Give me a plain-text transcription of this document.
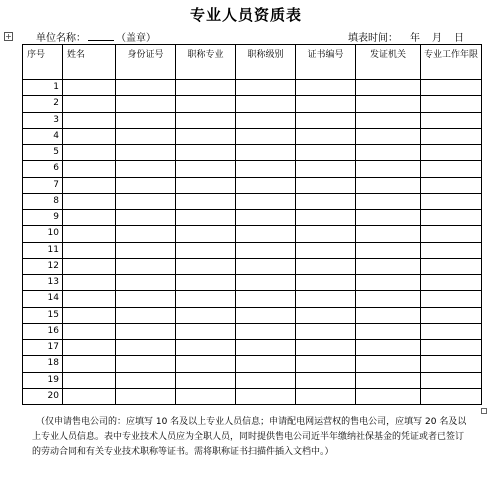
专业人员资质表
单位名称：	（盖章）	填表时间： 年 月 日
+
序号	姓名	身份证号	职称专业	职称级别	证书编号	发证机关	专业工作年限
1							
2							
3							
4							
5							
6							
7							
8							
9							
10							
11							
12							
13							
14							
15							
16							
17							
18							
19							
20							
（仅申请售电公司的：应填写 10 名及以上专业人员信息；申请配电网运营权的售电公司，应填写 20 名及以上专业人员信息。表中专业技术人员应为全职人员，同时提供售电公司近半年缴纳社保基金的凭证或者已签订的劳动合同和有关专业技术职称等证书。需将职称证书扫描件插入文档中。）
